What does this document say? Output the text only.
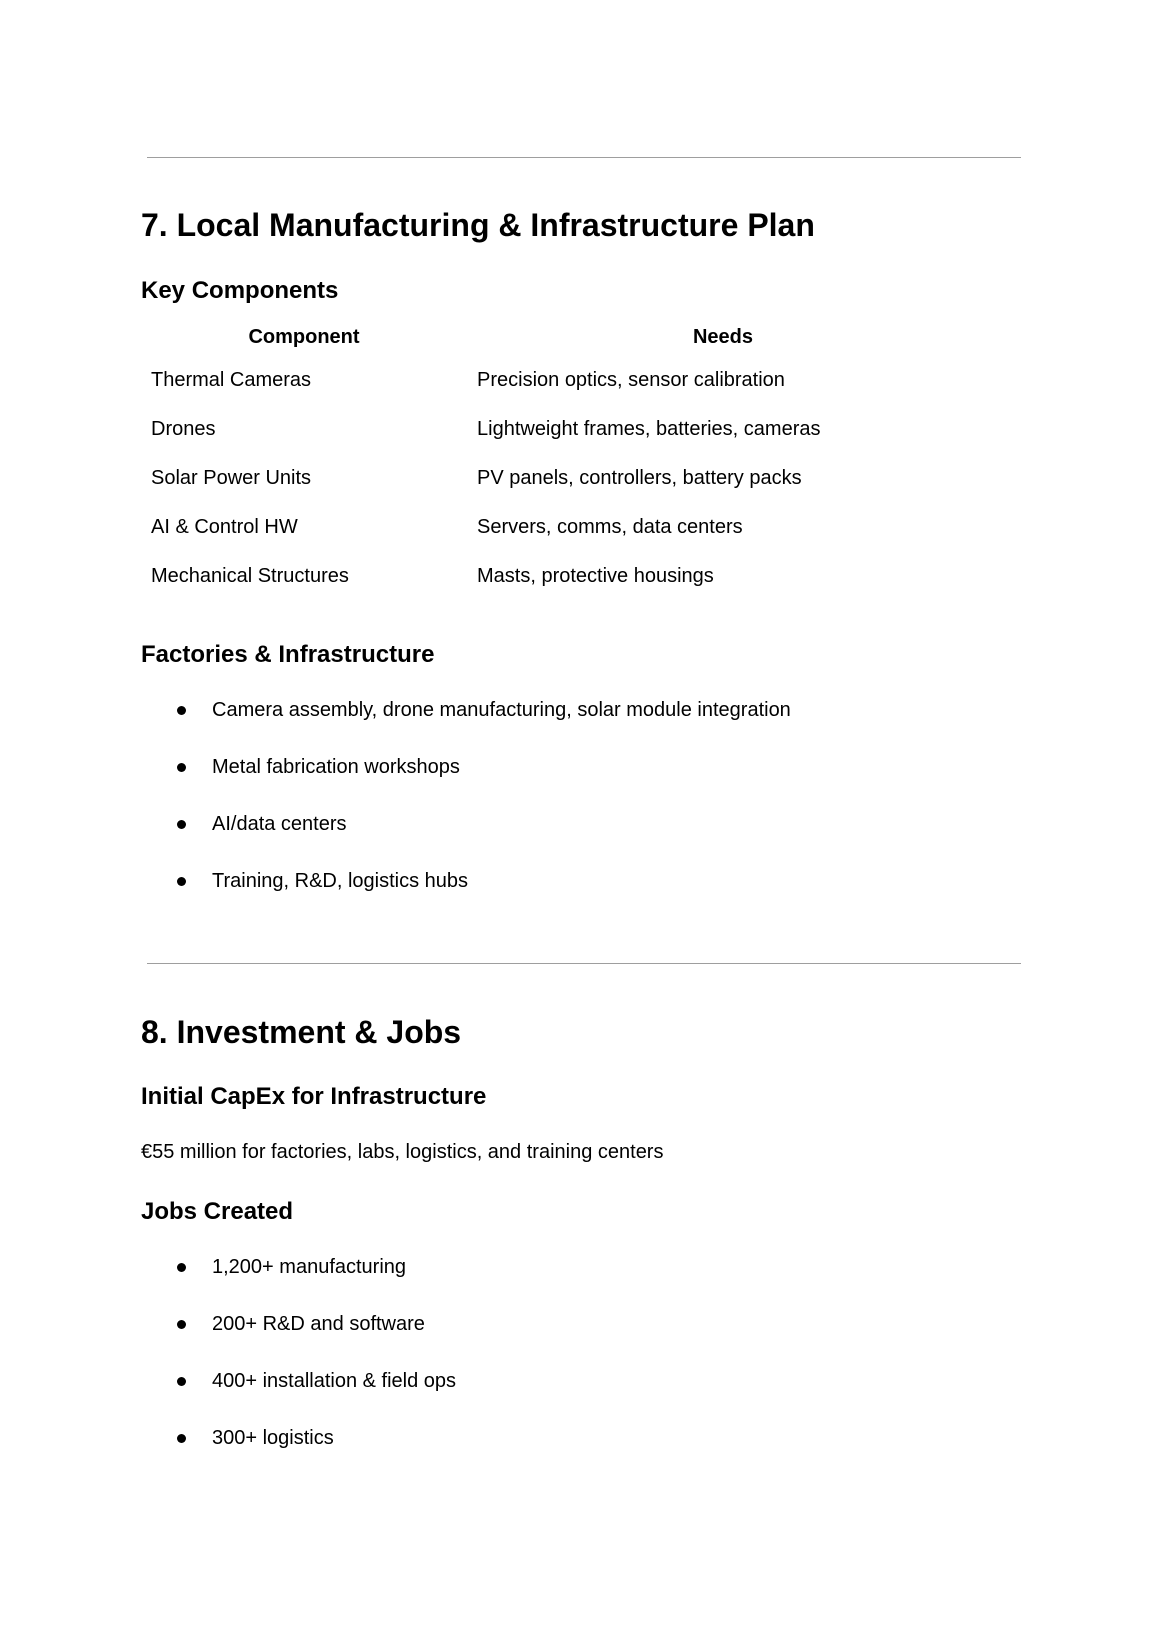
7. Local Manufacturing & Infrastructure Plan
Key Components
Component	Needs
Thermal Cameras	Precision optics, sensor calibration
Drones	Lightweight frames, batteries, cameras
Solar Power Units	PV panels, controllers, battery packs
AI & Control HW	Servers, comms, data centers
Mechanical Structures	Masts, protective housings
Factories & Infrastructure
Camera assembly, drone manufacturing, solar module integration
Metal fabrication workshops
AI/data centers
Training, R&D, logistics hubs
8. Investment & Jobs
Initial CapEx for Infrastructure

€55 million for factories, labs, logistics, and training centers

Jobs Created
1,200+ manufacturing
200+ R&D and software
400+ installation & field ops
300+ logistics
